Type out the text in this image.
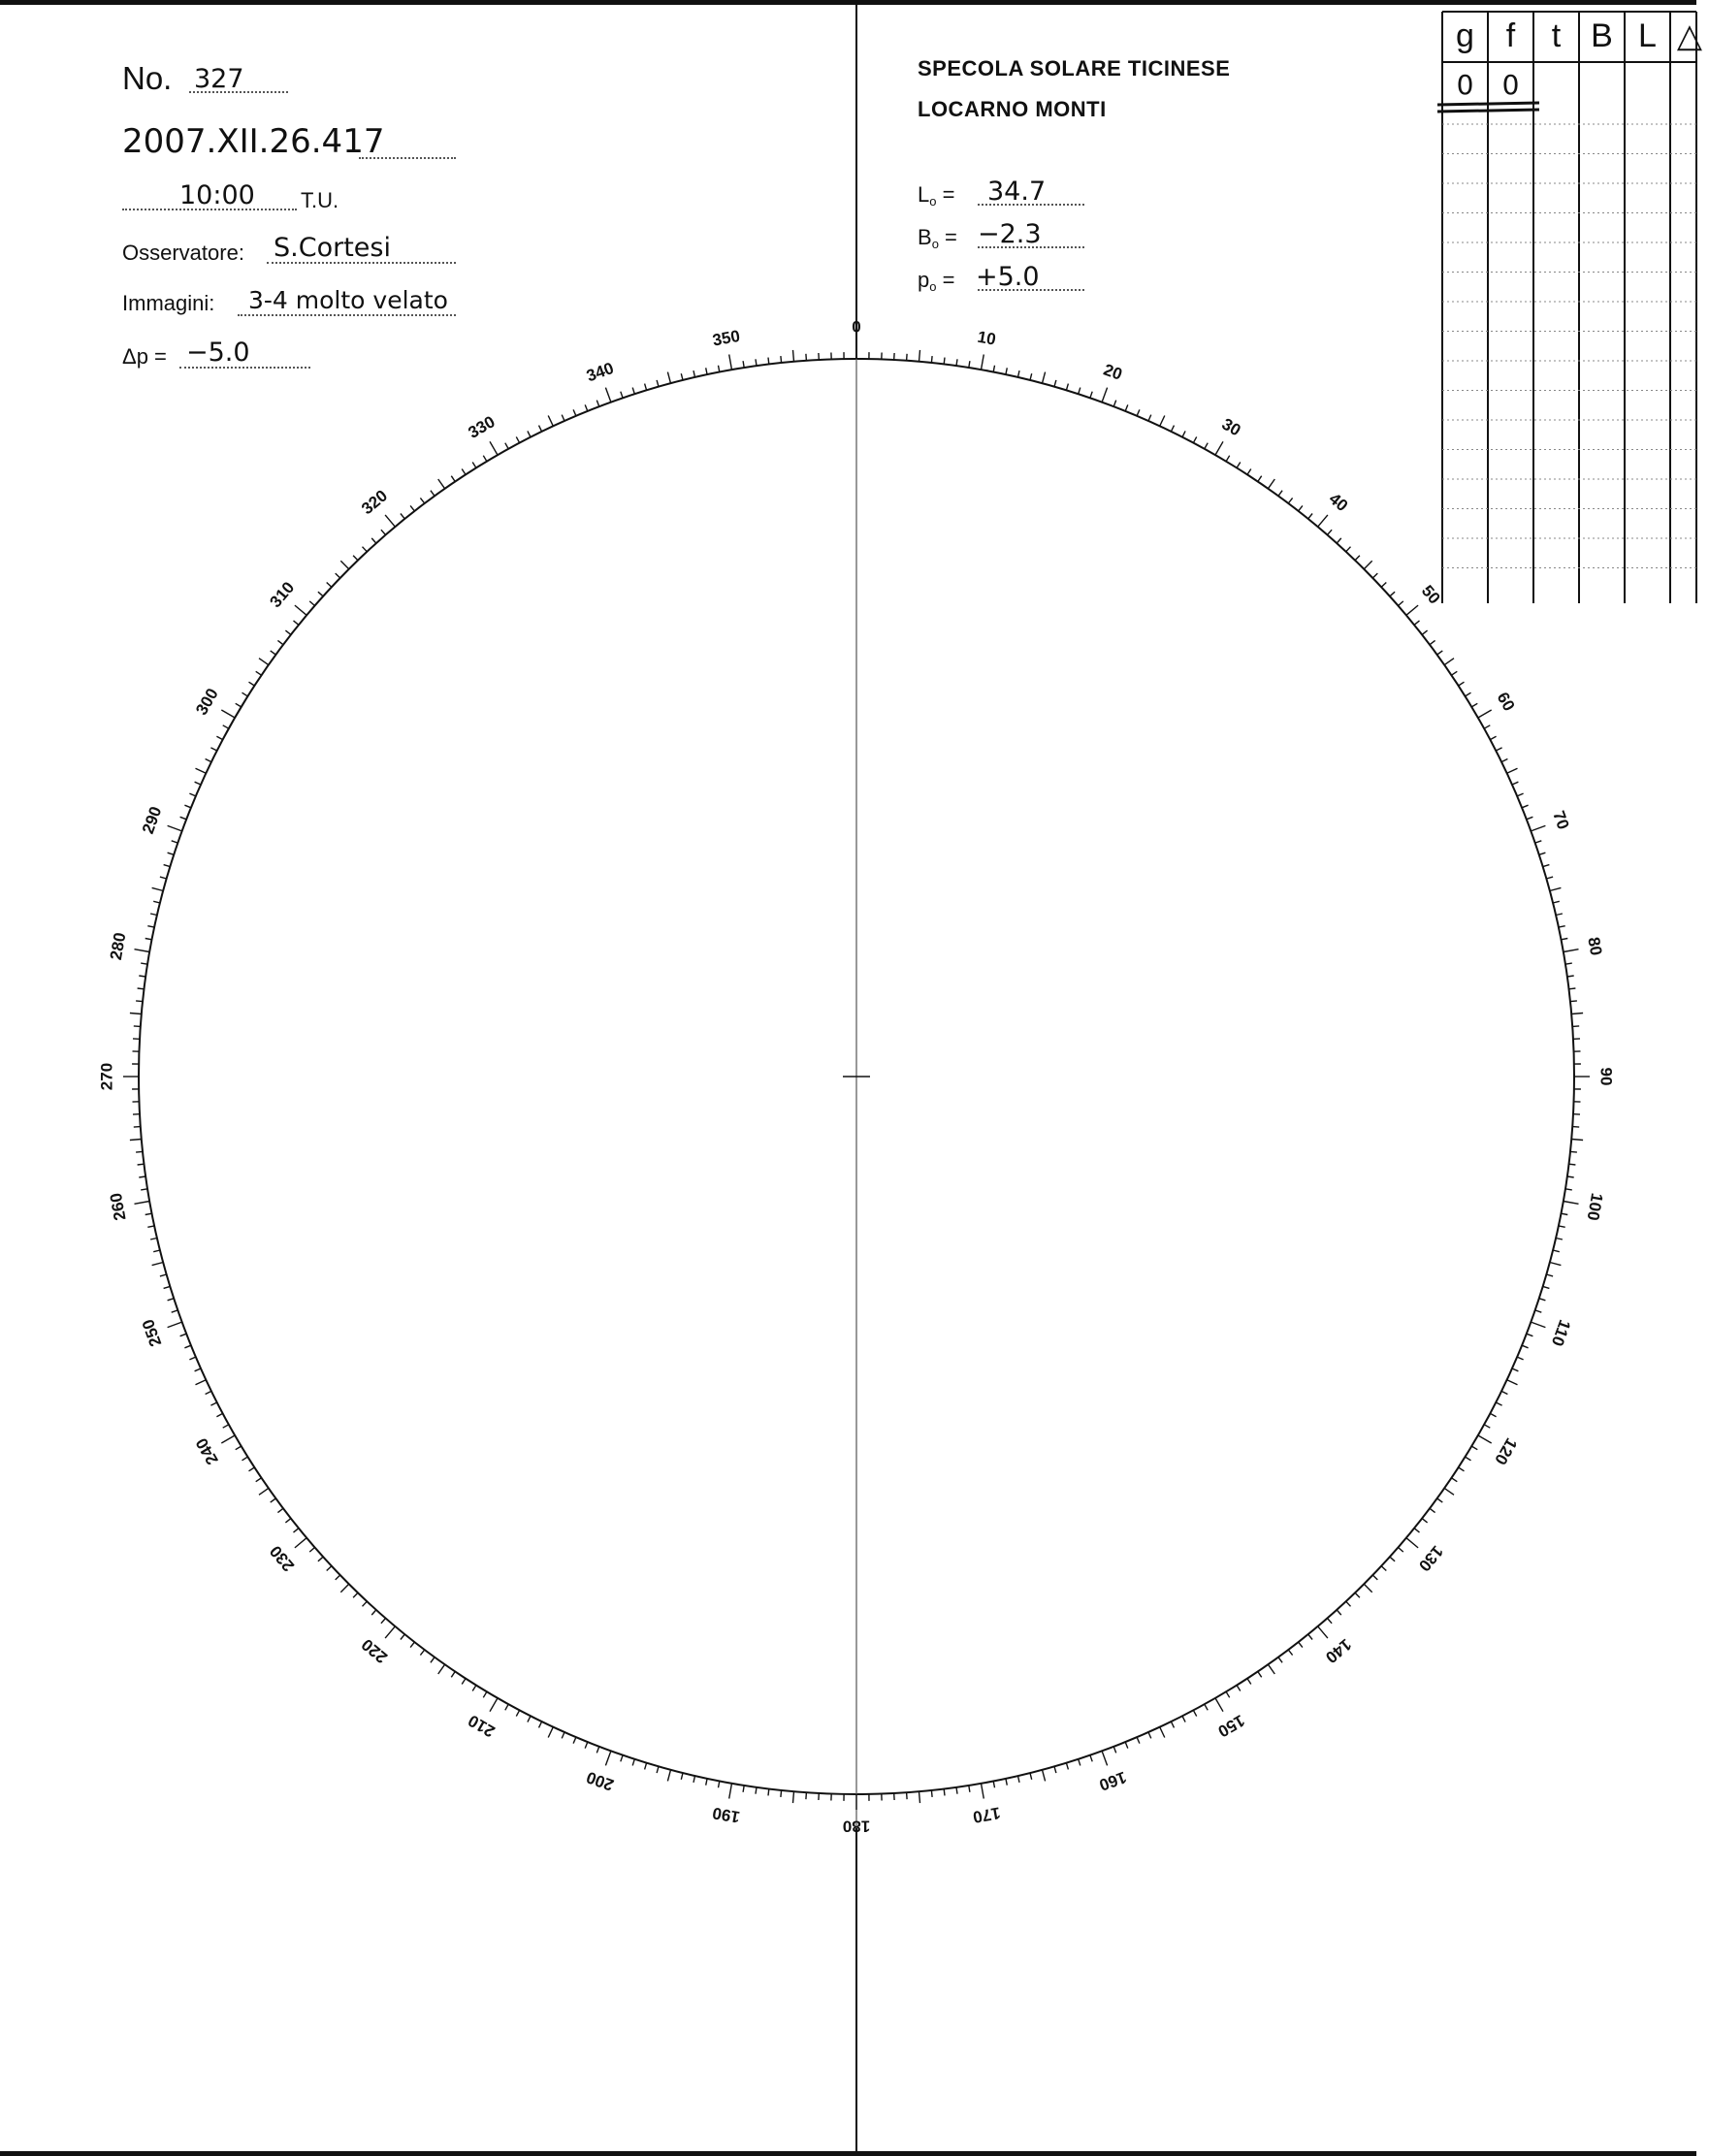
No. 327
2007.XII.26.417
10:00 T.U.
Osservatore: S.Cortesi
Immagini: 3-4 molto velato
Δp = −5.0
SPECOLA SOLARE TICINESE
LOCARNO MONTI
$L_o = 34.7$
$B_o = -2.3$
$p_o = +5.0$
g f	t B L △
0	0
0
10
20
30
40
50
60
70
80
90
100
110
120
130
140
150
160
170
180
190
200
210
220
230
240
250
260
270
280
290
300
310
320
330
340
350
